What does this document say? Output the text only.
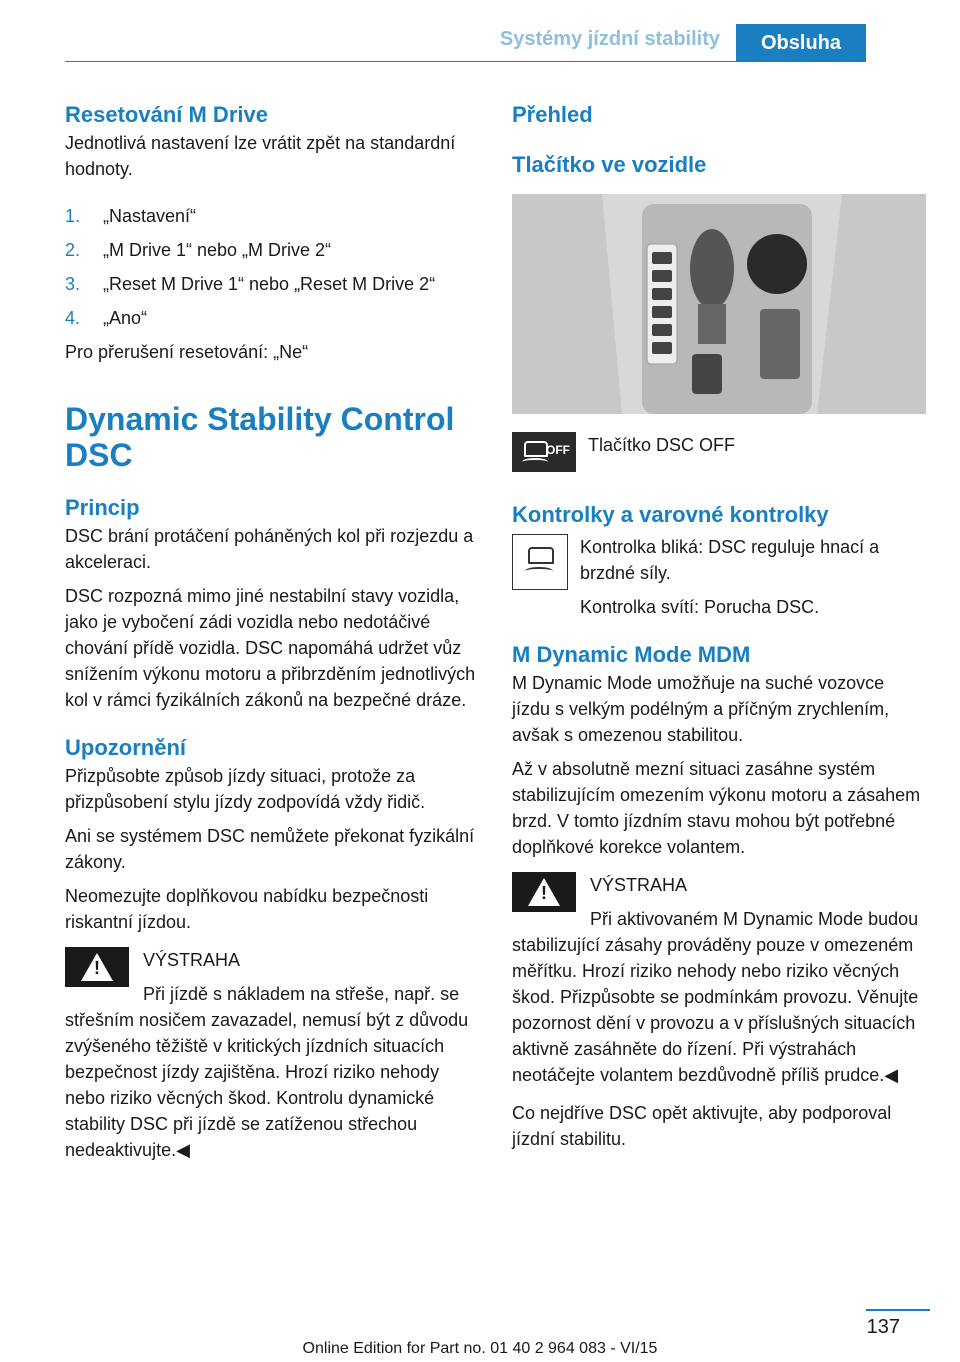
Systémy jízdní stability	Obsluha
Resetování M Drive

Jednotlivá nastavení lze vrátit zpět na standardní hodnoty.

1.	„Nastavení“
2.	„M Drive 1“ nebo „M Drive 2“
3.	„Reset M Drive 1“ nebo „Reset M Drive 2“
4.	„Ano“

Pro přerušení resetování: „Ne“

Dynamic Stability Control DSC
Princip

DSC brání protáčení poháněných kol při rozjezdu a akceleraci.

DSC rozpozná mimo jiné nestabilní stavy vozidla, jako je vybočení zádi vozidla nebo nedotáčivé chování přídě vozidla. DSC napomáhá udržet vůz snížením výkonu motoru a přibrzděním jednotlivých kol v rámci fyzikálních zákonů na bezpečné dráze.

Upozornění

Přizpůsobte způsob jízdy situaci, protože za přizpůsobení stylu jízdy zodpovídá vždy řidič.

Ani se systémem DSC nemůžete překonat fyzikální zákony.

Neomezujte doplňkovou nabídku bezpečnosti riskantní jízdou.

!	VÝSTRAHA

Při jízdě s nákladem na střeše, např. se střešním nosičem zavazadel, nemusí být z důvodu zvýšeného těžiště v kritických jízdních situacích bezpečnost jízdy zajištěna. Hrozí riziko nehody nebo riziko věcných škod. Kontrolu dynamické stability DSC při jízdě se zatíženou střechou nedeaktivujte.◀

Přehled
Tlačítko ve vozidle
OFF Tlačítko DSC OFF

Kontrolky a varovné kontrolky

Kontrolka bliká: DSC reguluje hnací a brzdné síly.

Kontrolka svítí: Porucha DSC.

M Dynamic Mode MDM

M Dynamic Mode umožňuje na suché vozovce jízdu s velkým podélným a příčným zrychlením, avšak s omezenou stabilitou.

Až v absolutně mezní situaci zasáhne systém stabilizujícím omezením výkonu motoru a zásahem brzd. V tomto jízdním stavu mohou být potřebné doplňkové korekce volantem.

!	VÝSTRAHA

Při aktivovaném M Dynamic Mode budou stabilizující zásahy prováděny pouze v omezeném měřítku. Hrozí riziko nehody nebo riziko věcných škod. Přizpůsobte se podmínkám provozu. Věnujte pozornost dění v provozu a v příslušných situacích aktivně zasáhněte do řízení. Při výstrahách neotáčejte volantem bezdůvodně příliš prudce.◀

Co nejdříve DSC opět aktivujte, aby podporoval jízdní stabilitu.

137
Online Edition for Part no. 01 40 2 964 083 - VI/15
